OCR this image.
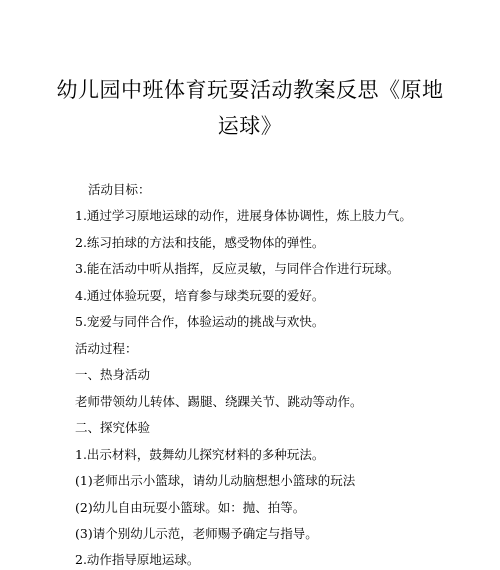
幼儿园中班体育玩耍活动教案反思《原地
运球》
活动目标：
1.通过学习原地运球的动作，进展身体协调性，炼上肢力气。
2.练习拍球的方法和技能，感受物体的弹性。
3.能在活动中听从指挥，反应灵敏，与同伴合作进行玩球。
4.通过体验玩耍，培育参与球类玩耍的爱好。
5.宠爱与同伴合作，体验运动的挑战与欢快。
活动过程：
一、热身活动
老师带领幼儿转体、踢腿、绕踝关节、跳动等动作。
二、探究体验
1.出示材料，鼓舞幼儿探究材料的多种玩法。
(1)老师出示小篮球，请幼儿动脑想想小篮球的玩法
(2)幼儿自由玩耍小篮球。如：抛、拍等。
(3)请个别幼儿示范，老师赐予确定与指导。
2.动作指导原地运球。
